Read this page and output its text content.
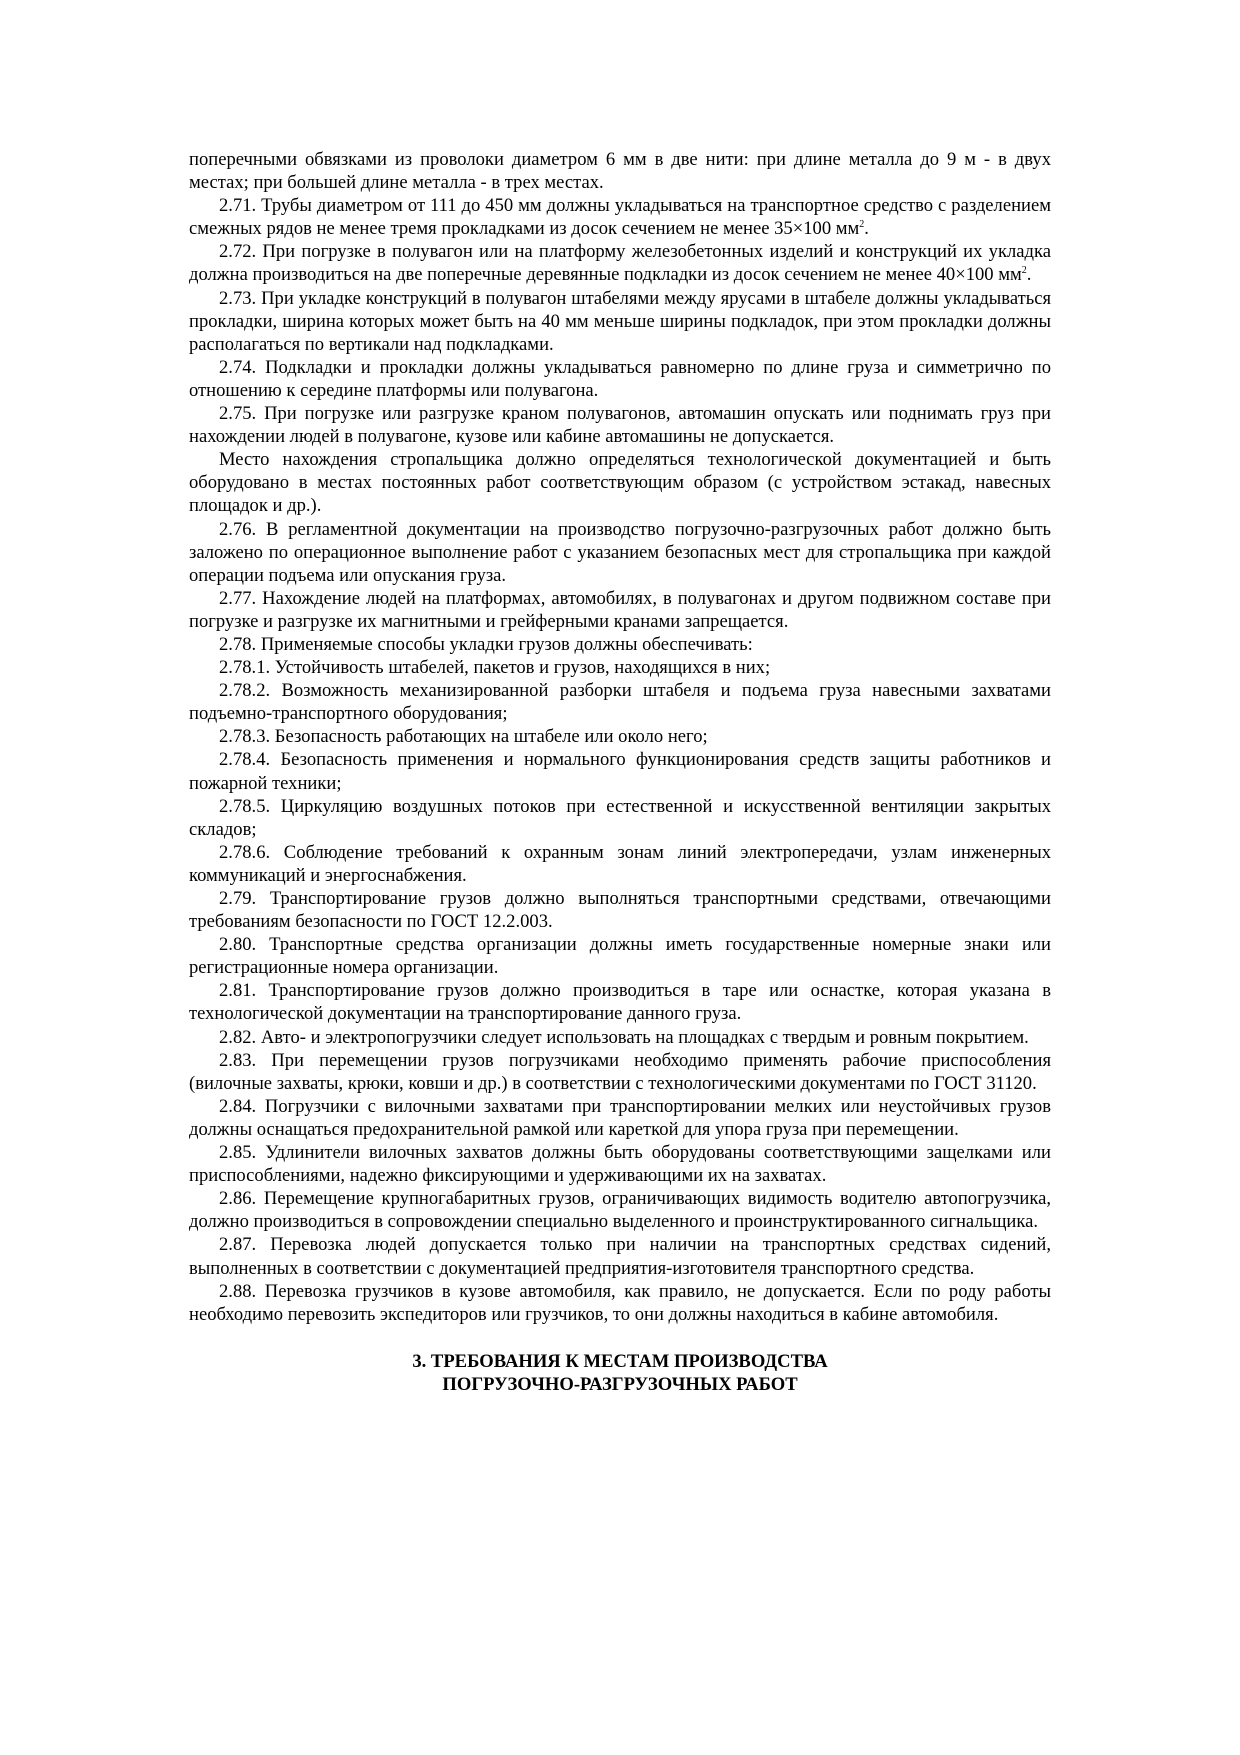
поперечными обвязками из проволоки диаметром 6 мм в две нити: при длине металла до 9 м - в двух местах; при большей длине металла - в трех местах.

2.71. Трубы диаметром от 111 до 450 мм должны укладываться на транспортное средство с разделением смежных рядов не менее тремя прокладками из досок сечением не менее 35×100 $мм^2$.

2.72. При погрузке в полувагон или на платформу железобетонных изделий и конструкций их укладка должна производиться на две поперечные деревянные подкладки из досок сечением не менее 40×100 $мм^2$.

2.73. При укладке конструкций в полувагон штабелями между ярусами в штабеле должны укладываться прокладки, ширина которых может быть на 40 мм меньше ширины подкладок, при этом прокладки должны располагаться по вертикали над подкладками.

2.74. Подкладки и прокладки должны укладываться равномерно по длине груза и симметрично по отношению к середине платформы или полувагона.

2.75. При погрузке или разгрузке краном полувагонов, автомашин опускать или поднимать груз при нахождении людей в полувагоне, кузове или кабине автомашины не допускается.

Место нахождения стропальщика должно определяться технологической документацией и быть оборудовано в местах постоянных работ соответствующим образом (с устройством эстакад, навесных площадок и др.).

2.76. В регламентной документации на производство погрузочно-разгрузочных работ должно быть заложено по операционное выполнение работ с указанием безопасных мест для стропальщика при каждой операции подъема или опускания груза.

2.77. Нахождение людей на платформах, автомобилях, в полувагонах и другом подвижном составе при погрузке и разгрузке их магнитными и грейферными кранами запрещается.

2.78. Применяемые способы укладки грузов должны обеспечивать:

2.78.1. Устойчивость штабелей, пакетов и грузов, находящихся в них;

2.78.2. Возможность механизированной разборки штабеля и подъема груза навесными захватами подъемно-транспортного оборудования;

2.78.3. Безопасность работающих на штабеле или около него;

2.78.4. Безопасность применения и нормального функционирования средств защиты работников и пожарной техники;

2.78.5. Циркуляцию воздушных потоков при естественной и искусственной вентиляции закрытых складов;

2.78.6. Соблюдение требований к охранным зонам линий электропередачи, узлам инженерных коммуникаций и энергоснабжения.

2.79. Транспортирование грузов должно выполняться транспортными средствами, отвечающими требованиям безопасности по ГОСТ 12.2.003.

2.80. Транспортные средства организации должны иметь государственные номерные знаки или регистрационные номера организации.

2.81. Транспортирование грузов должно производиться в таре или оснастке, которая указана в технологической документации на транспортирование данного груза.

2.82. Авто- и электропогрузчики следует использовать на площадках с твердым и ровным покрытием.

2.83. При перемещении грузов погрузчиками необходимо применять рабочие приспособления (вилочные захваты, крюки, ковши и др.) в соответствии с технологическими документами по ГОСТ 31120.

2.84. Погрузчики с вилочными захватами при транспортировании мелких или неустойчивых грузов должны оснащаться предохранительной рамкой или кареткой для упора груза при перемещении.

2.85. Удлинители вилочных захватов должны быть оборудованы соответствующими защелками или приспособлениями, надежно фиксирующими и удерживающими их на захватах.

2.86. Перемещение крупногабаритных грузов, ограничивающих видимость водителю автопогрузчика, должно производиться в сопровождении специально выделенного и проинструктированного сигнальщика.

2.87. Перевозка людей допускается только при наличии на транспортных средствах сидений, выполненных в соответствии с документацией предприятия-изготовителя транспортного средства.

2.88. Перевозка грузчиков в кузове автомобиля, как правило, не допускается. Если по роду работы необходимо перевозить экспедиторов или грузчиков, то они должны находиться в кабине автомобиля.

3. ТРЕБОВАНИЯ К МЕСТАМ ПРОИЗВОДСТВА
ПОГРУЗОЧНО-РАЗГРУЗОЧНЫХ РАБОТ
